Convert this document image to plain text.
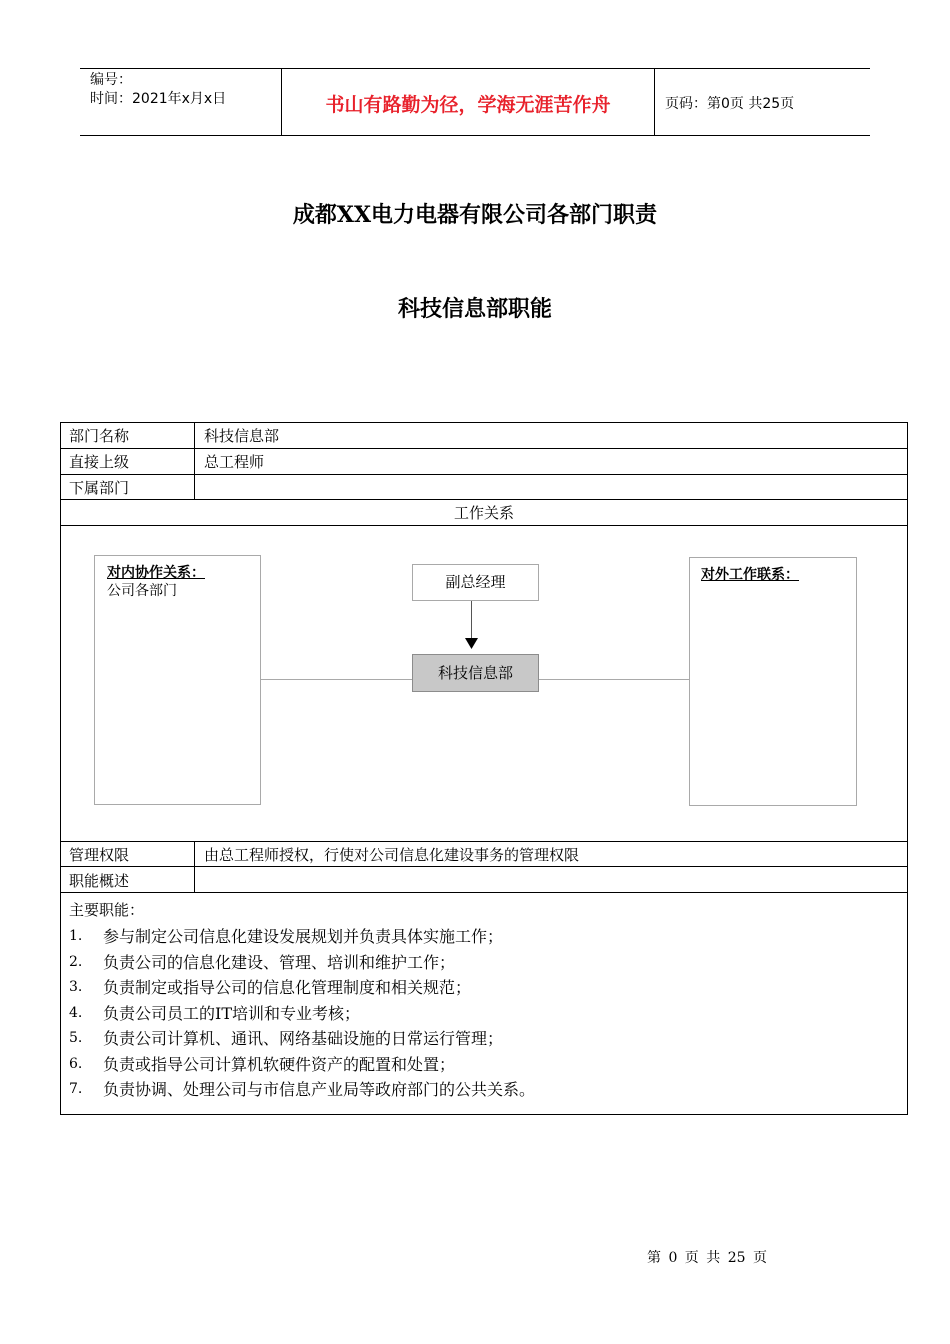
编号：
时间：2021年x月x日	书山有路勤为径，学海无涯苦作舟	页码：第0页 共25页
成都XX电力电器有限公司各部门职责
科技信息部职能
部门名称	科技信息部
直接上级	总工程师
下属部门
工作关系
对内协作关系：
公司各部门	副总经理
科技信息部
对外工作联系：
管理权限	由总工程师授权，行使对公司信息化建设事务的管理权限
职能概述
主要职能：
1.	参与制定公司信息化建设发展规划并负责具体实施工作；
2.	负责公司的信息化建设、管理、培训和维护工作；
3.	负责制定或指导公司的信息化管理制度和相关规范；
4.	负责公司员工的IT培训和专业考核；
5.	负责公司计算机、通讯、网络基础设施的日常运行管理；
6.	负责或指导公司计算机软硬件资产的配置和处置；
7.	负责协调、处理公司与市信息产业局等政府部门的公共关系。
第 0 页 共 25 页
